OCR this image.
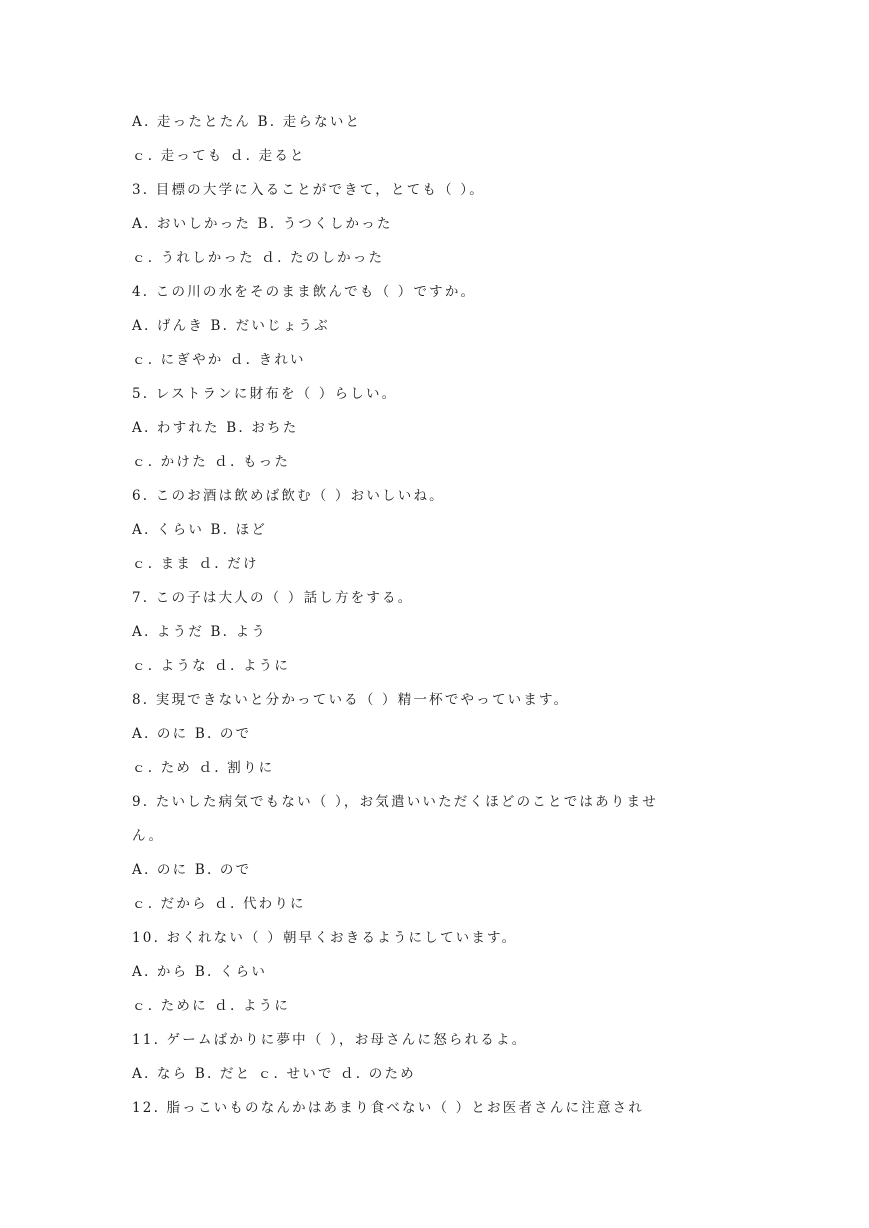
A. 走ったとたん B. 走らないと
ｃ. 走っても ｄ. 走ると
3. 目標の大学に入ることができて，とても（ ）。
A. おいしかった B. うつくしかった
ｃ. うれしかった ｄ. たのしかった
4. この川の水をそのまま飲んでも（ ）ですか。
A. げんき B. だいじょうぶ
ｃ. にぎやか ｄ. きれい
5. レストランに財布を（ ）らしい。
A. わすれた B. おちた
ｃ. かけた ｄ. もった
6. このお酒は飲めば飲む（ ）おいしいね。
A. くらい B. ほど
ｃ. まま ｄ. だけ
7. この子は大人の（ ）話し方をする。
A. ようだ B. よう
ｃ. ような ｄ. ように
8. 実現できないと分かっている（ ）精一杯でやっています。
A. のに B. ので
ｃ. ため ｄ. 割りに
9. たいした病気でもない（ ），お気遣いいただくほどのことではありませ
ん。
A. のに B. ので
ｃ. だから ｄ. 代わりに
10. おくれない（ ）朝早くおきるようにしています。
A. から B. くらい
ｃ. ために ｄ. ように
11. ゲームばかりに夢中（ ），お母さんに怒られるよ。
A. なら B. だと ｃ. せいで ｄ. のため
12. 脂っこいものなんかはあまり食べない（ ）とお医者さんに注意され
